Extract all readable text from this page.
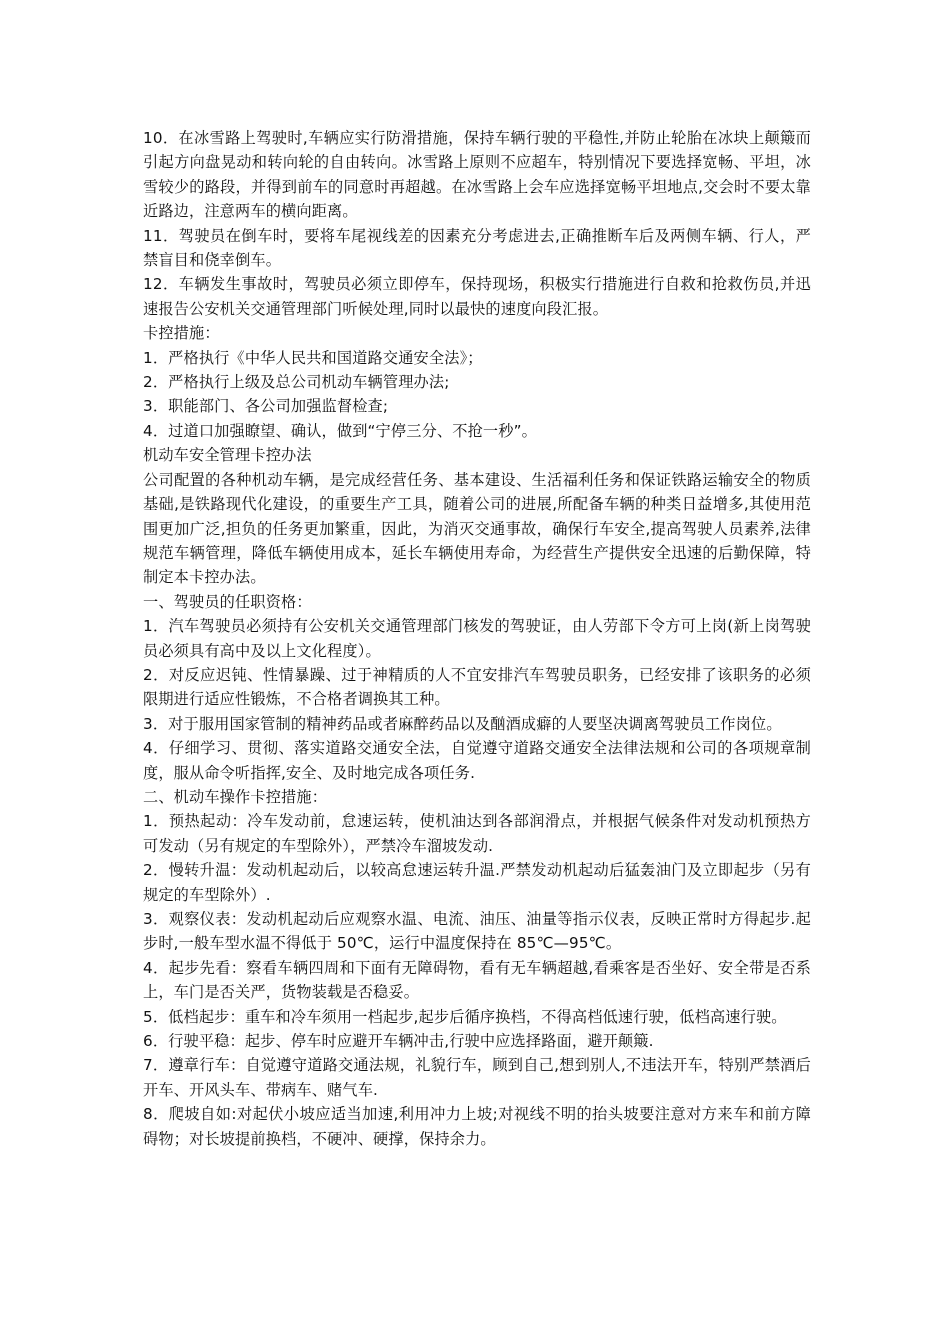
10．在冰雪路上驾驶时,车辆应实行防滑措施，保持车辆行驶的平稳性,并防止轮胎在冰块上颠簸而引起方向盘晃动和转向轮的自由转向。冰雪路上原则不应超车，特别情况下要选择宽畅、平坦，冰雪较少的路段，并得到前车的同意时再超越。在冰雪路上会车应选择宽畅平坦地点,交会时不要太靠近路边，注意两车的横向距离。

11．驾驶员在倒车时，要将车尾视线差的因素充分考虑进去,正确推断车后及两侧车辆、行人，严禁盲目和侥幸倒车。

12．车辆发生事故时，驾驶员必须立即停车，保持现场，积极实行措施进行自救和抢救伤员,并迅速报告公安机关交通管理部门听候处理,同时以最快的速度向段汇报。

卡控措施：

1．严格执行《中华人民共和国道路交通安全法》；

2．严格执行上级及总公司机动车辆管理办法;

3．职能部门、各公司加强监督检查;

4．过道口加强瞭望、确认，做到“宁停三分、不抢一秒”。

机动车安全管理卡控办法

公司配置的各种机动车辆，是完成经营任务、基本建设、生活福利任务和保证铁路运输安全的物质基础,是铁路现代化建设，的重要生产工具，随着公司的进展,所配备车辆的种类日益增多,其使用范围更加广泛,担负的任务更加繁重，因此，为消灭交通事故，确保行车安全,提高驾驶人员素养,法律规范车辆管理，降低车辆使用成本，延长车辆使用寿命，为经营生产提供安全迅速的后勤保障，特制定本卡控办法。

一、驾驶员的任职资格：

1．汽车驾驶员必须持有公安机关交通管理部门核发的驾驶证，由人劳部下令方可上岗(新上岗驾驶员必须具有高中及以上文化程度）。

2．对反应迟钝、性情暴躁、过于神精质的人不宜安排汽车驾驶员职务，已经安排了该职务的必须限期进行适应性锻炼，不合格者调换其工种。

3．对于服用国家管制的精神药品或者麻醉药品以及酗酒成癖的人要坚决调离驾驶员工作岗位。

4．仔细学习、贯彻、落实道路交通安全法，自觉遵守道路交通安全法律法规和公司的各项规章制度，服从命令听指挥,安全、及时地完成各项任务.

二、机动车操作卡控措施：

1．预热起动：冷车发动前，怠速运转，使机油达到各部润滑点，并根据气候条件对发动机预热方可发动（另有规定的车型除外），严禁冷车溜坡发动.

2．慢转升温：发动机起动后，以较高怠速运转升温.严禁发动机起动后猛轰油门及立即起步（另有规定的车型除外）.

3．观察仪表：发动机起动后应观察水温、电流、油压、油量等指示仪表，反映正常时方得起步.起步时,一般车型水温不得低于 50℃，运行中温度保持在 85℃—95℃。

4．起步先看：察看车辆四周和下面有无障碍物，看有无车辆超越,看乘客是否坐好、安全带是否系上，车门是否关严，货物装载是否稳妥。

5．低档起步：重车和冷车须用一档起步,起步后循序换档，不得高档低速行驶，低档高速行驶。

6．行驶平稳：起步、停车时应避开车辆冲击,行驶中应选择路面，避开颠簸.

7．遵章行车：自觉遵守道路交通法规，礼貌行车，顾到自己,想到别人,不违法开车，特别严禁酒后开车、开风头车、带病车、赌气车.

8．爬坡自如:对起伏小坡应适当加速,利用冲力上坡;对视线不明的抬头坡要注意对方来车和前方障碍物；对长坡提前换档，不硬冲、硬撑，保持余力。
